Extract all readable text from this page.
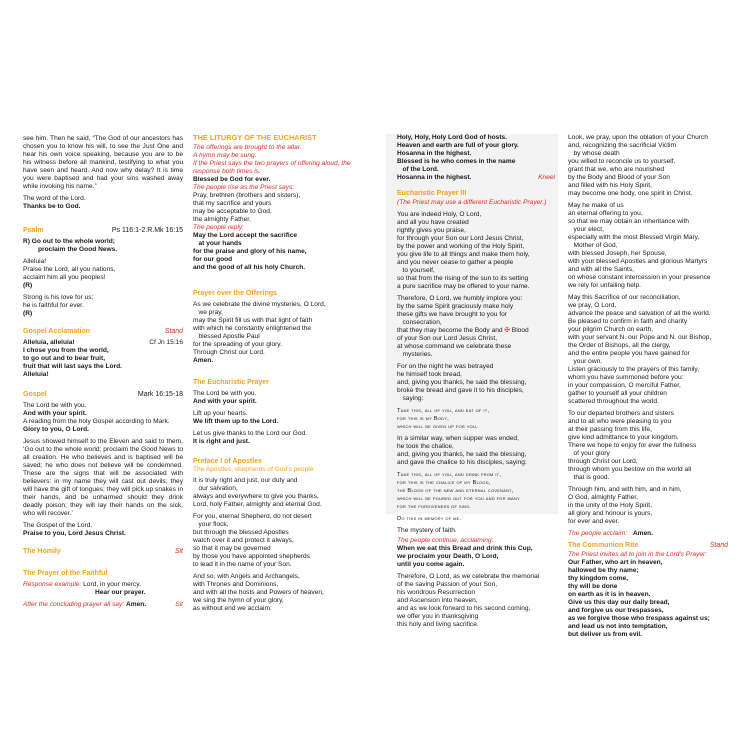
see him. Then he said, “The God of our ancestors has chosen you to know his will, to see the Just One and hear his own voice speaking, because you are to be his witness before all mankind, testifying to what you have seen and heard. And now why delay? It is time you were baptised and had your sins washed away while invoking his name.”

The word of the Lord.

Thanks be to God.

Psalm	Ps 116:1-2.R.Mk 16:15

R) Go out to the whole world;

proclaim the Good News.

Alleluia!
Praise the Lord, all you nations,
acclaim him all you peoples!

(R)

Strong is his love for us;
he is faithful for ever.

(R)

Gospel Acclamation	Stand
Alleluia, alleluia!	Cf Jn 15:16

I chose you from the world,
to go out and to bear fruit,
fruit that will last says the Lord.
Alleluia!

Gospel	Mark 16:15-18

The Lord be with you.

And with your spirit.

A reading from the holy Gospel according to Mark.

Glory to you, O Lord.

Jesus showed himself to the Eleven and said to them, ‘Go out to the whole world; proclaim the Good News to all creation. He who believes and is baptised will be saved; he who does not believe will be condemned. These are the signs that will be associated with believers: in my name they will cast out devils; they will have the gift of tongues; they will pick up snakes in their hands, and be unharmed should they drink deadly poison; they will lay their hands on the sick, who will recover.’

The Gospel of the Lord.

Praise to you, Lord Jesus Christ.

The Homily	Sit
The Prayer of the Faithful

Response example: Lord, in your mercy.

Hear our prayer.

After the concluding prayer all say: Amen.	Sit

THE LITURGY OF THE EUCHARIST

The offerings are brought to the altar.
A hymn may be sung.
If the Priest says the two prayers of offering aloud, the response both times is:

Blessed be God for ever.

The people rise as the Priest says:

Pray, brethren (brothers and sisters),
that my sacrifice and yours
may be acceptable to God,
the almighty Father.

The people reply:

May the Lord accept the sacrifice
at your hands
for the praise and glory of his name,
for our good
and the good of all his holy Church.

Prayer over the Offerings

As we celebrate the divine mysteries, O Lord,
we pray,
may the Spirit fill us with that light of faith
with which he constantly enlightened the
blessed Apostle Paul
for the spreading of your glory.
Through Christ our Lord.

Amen.

The Eucharistic Prayer

The Lord be with you.

And with your spirit.

Lift up your hearts.

We lift them up to the Lord.

Let us give thanks to the Lord our God.

It is right and just.

Preface I of Apostles

The Apostles, shepherds of God's people

It is truly right and just, our duty and
our salvation,
always and everywhere to give you thanks,
Lord, holy Father, almighty and eternal God.

For you, eternal Shepherd, do not desert
your flock,
but through the blessed Apostles
watch over it and protect it always,
so that it may be governed
by those you have appointed shepherds
to lead it in the name of your Son.

And so, with Angels and Archangels,
with Thrones and Dominions,
and with all the hosts and Powers of heaven,
we sing the hymn of your glory,
as without end we acclaim:

Holy, Holy, Holy Lord God of hosts.
Heaven and earth are full of your glory.
Hosanna in the highest.
Blessed is he who comes in the name
of the Lord.

Hosanna in the highest.	Kneel
Eucharistic Prayer III

(The Priest may use a different Eucharistic Prayer.)

You are indeed Holy, O Lord,
and all you have created
rightly gives you praise,
for through your Son our Lord Jesus Christ,
by the power and working of the Holy Spirit,
you give life to all things and make them holy,
and you never cease to gather a people
to yourself,
so that from the rising of the sun to its setting
a pure sacrifice may be offered to your name.

Therefore, O Lord, we humbly implore you:
by the same Spirit graciously make holy
these gifts we have brought to you for
consecration,
that they may become the Body and ✠ Blood
of your Son our Lord Jesus Christ,
at whose command we celebrate these
mysteries.

For on the night he was betrayed
he himself took bread,
and, giving you thanks, he said the blessing,
broke the bread and gave it to his disciples,
saying:

Take this, all of you, and eat of it,
for this is my Body,
which will be given up for you.

In a similar way, when supper was ended,
he took the chalice,
and, giving you thanks, he said the blessing,
and gave the chalice to his disciples, saying:

Take this, all of you, and drink from it,
for this is the chalice of my Blood,
the Blood of the new and eternal covenant,
which will be poured out for you and for many
for the forgiveness of sins.

Do this in memory of me.

The mystery of faith.

The people continue, acclaiming:

When we eat this Bread and drink this Cup,
we proclaim your Death, O Lord,
until you come again.

Therefore, O Lord, as we celebrate the memorial
of the saving Passion of your Son,
his wondrous Resurrection
and Ascension into heaven,
and as we look forward to his second coming,
we offer you in thanksgiving
this holy and living sacrifice.

Look, we pray, upon the oblation of your Church
and, recognizing the sacrificial Victim
by whose death
you willed to reconcile us to yourself,
grant that we, who are nourished
by the Body and Blood of your Son
and filled with his Holy Spirit,
may become one body, one spirit in Christ.

May he make of us
an eternal offering to you,
so that we may obtain an inheritance with
your elect,
especially with the most Blessed Virgin Mary,
Mother of God,
with blessed Joseph, her Spouse,
with your blessed Apostles and glorious Martyrs
and with all the Saints,
on whose constant intercession in your presence
we rely for unfailing help.

May this Sacrifice of our reconciliation,
we pray, O Lord,
advance the peace and salvation of all the world.
Be pleased to confirm in faith and charity
your pilgrim Church on earth,
with your servant N. our Pope and N. our Bishop,
the Order of Bishops, all the clergy,
and the entire people you have gained for
your own.
Listen graciously to the prayers of this family,
whom you have summoned before you:
in your compassion, O merciful Father,
gather to yourself all your children
scattered throughout the world.

To our departed brothers and sisters
and to all who were pleasing to you
at their passing from this life,
give kind admittance to your kingdom.
There we hope to enjoy for ever the fullness
of your glory
through Christ our Lord,
through whom you bestow on the world all
that is good.

Through him, and with him, and in him,
O God, almighty Father,
in the unity of the Holy Spirit,
all glory and honour is yours,
for ever and ever.

The people acclaim: Amen.

The Communion Rite	Stand

The Priest invites all to join in the Lord's Prayer:

Our Father, who art in heaven,
hallowed be thy name;
thy kingdom come,
thy will be done
on earth as it is in heaven.
Give us this day our daily bread,
and forgive us our trespasses,
as we forgive those who trespass against us;
and lead us not into temptation,
but deliver us from evil.
